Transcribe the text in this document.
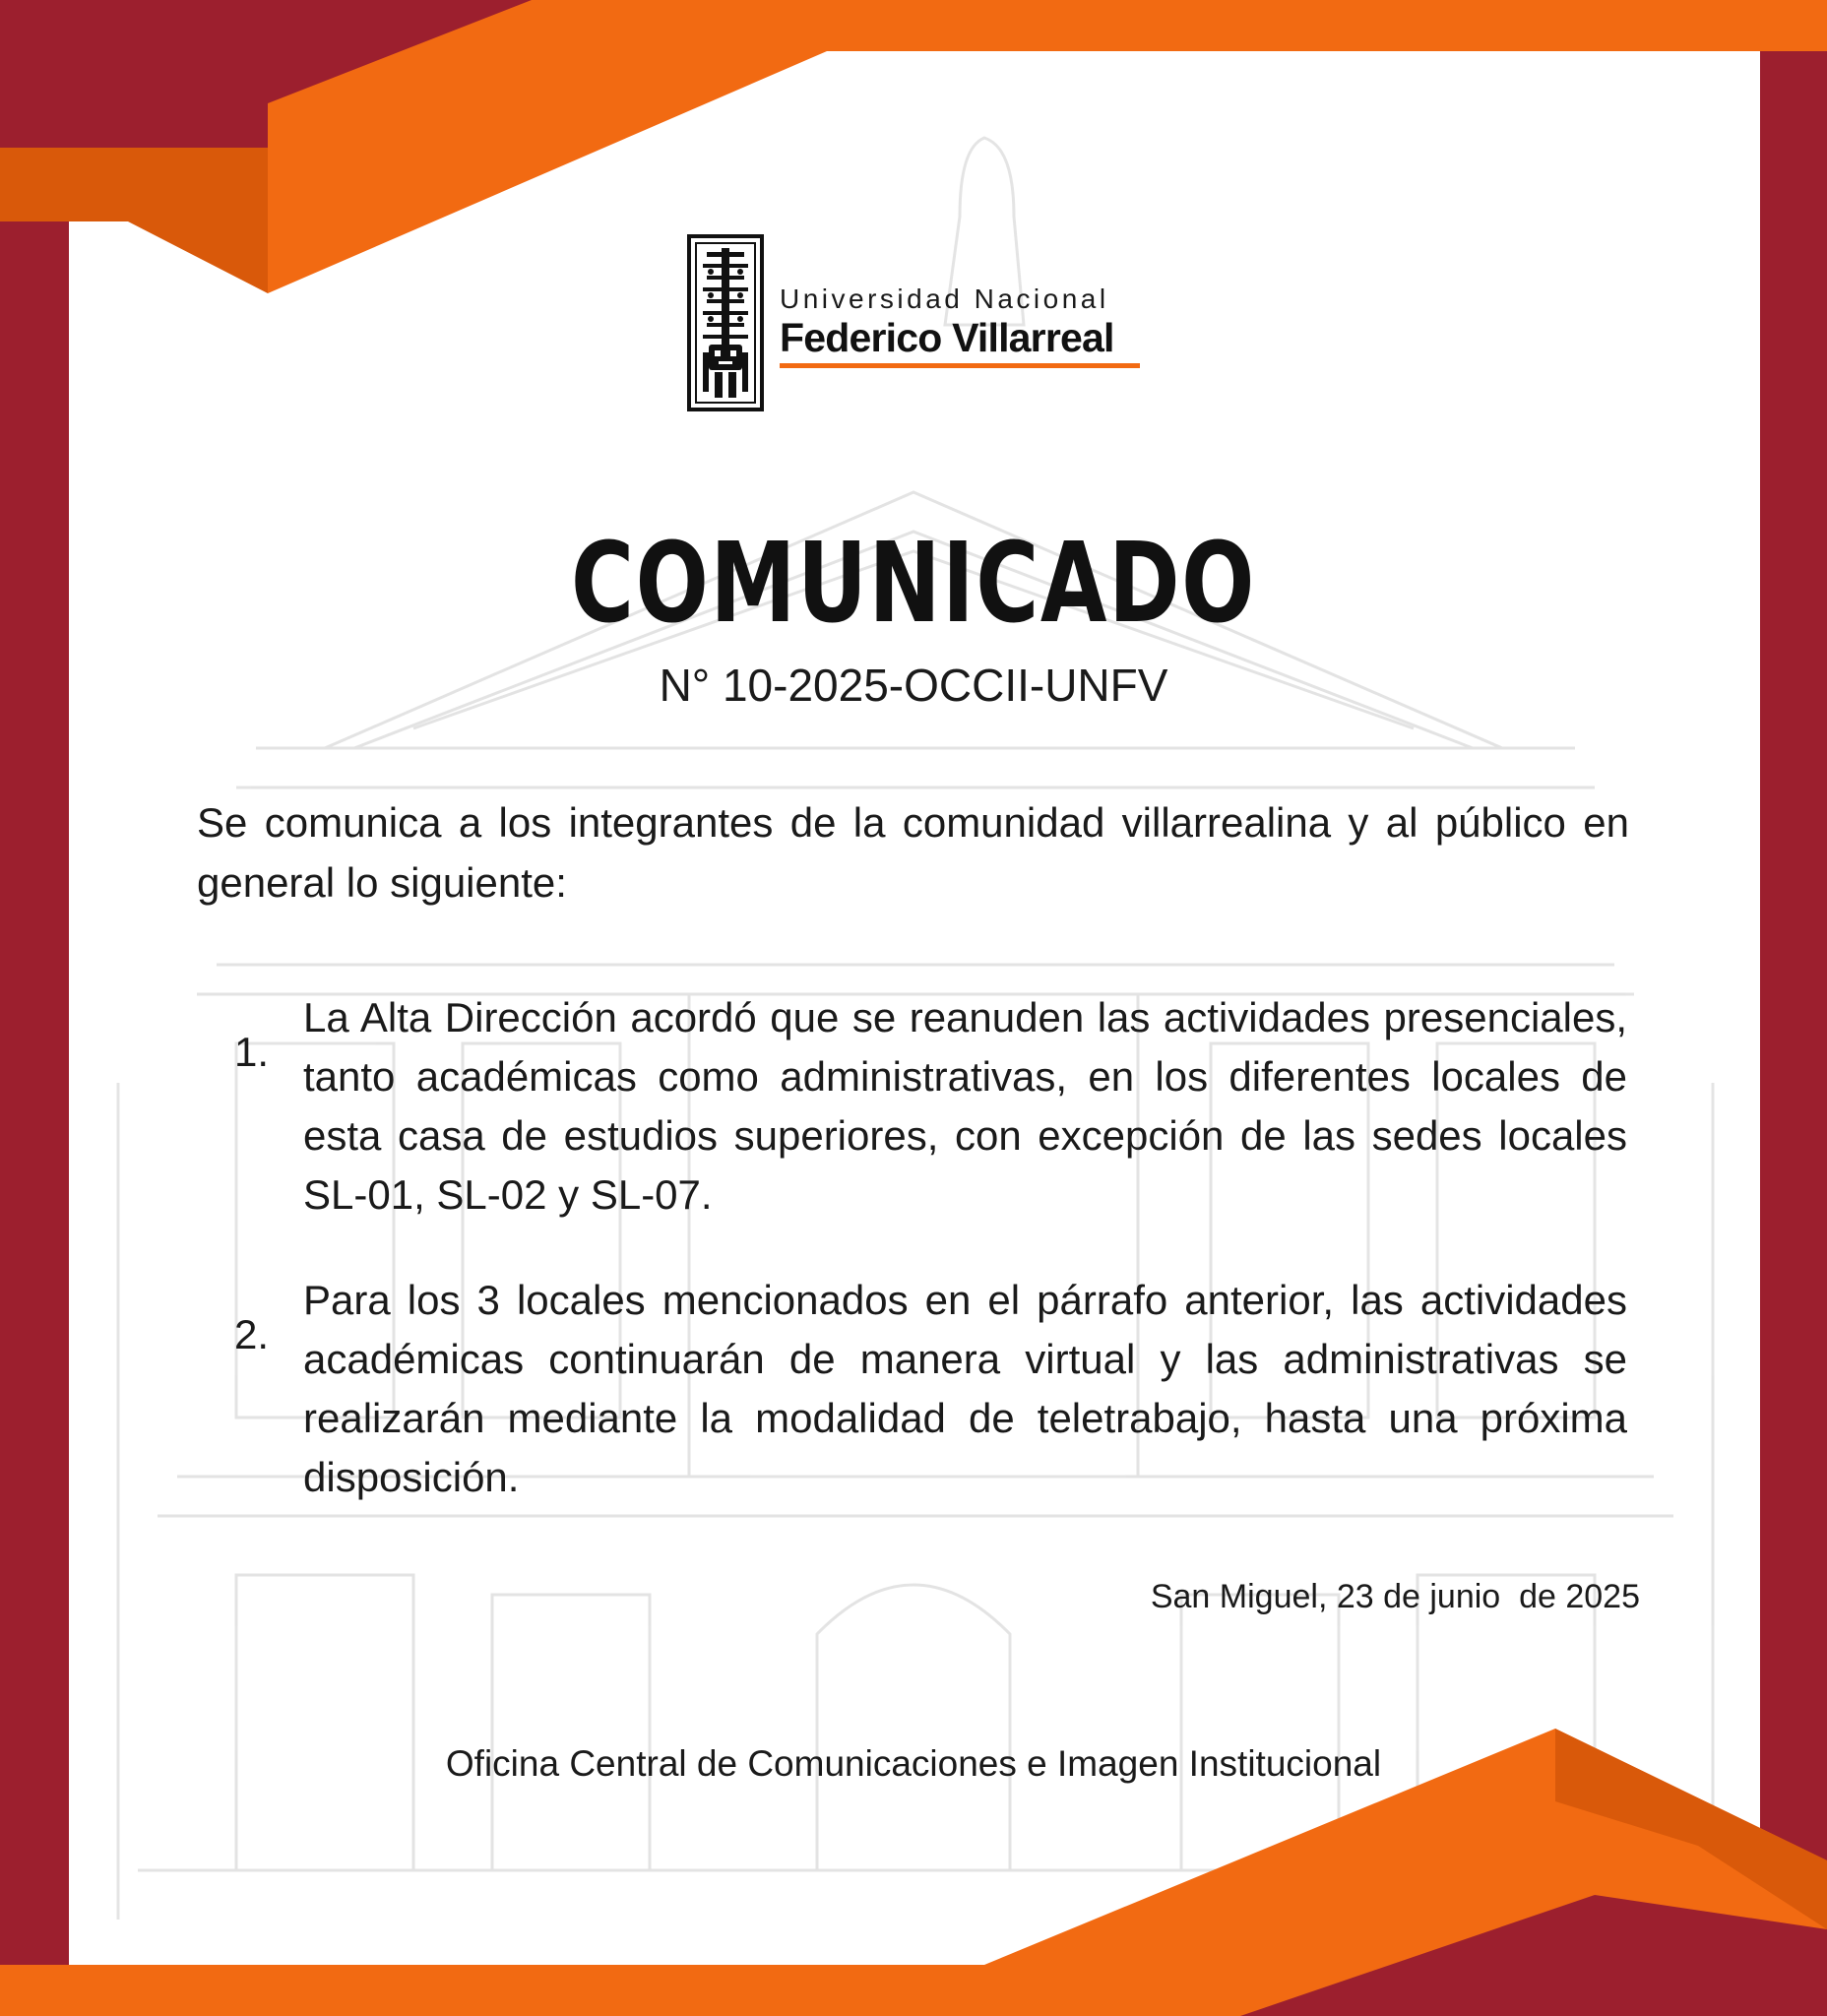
Universidad Nacional
Federico Villarreal
COMUNICADO
N° 10-2025-OCCII-UNFV
Se comunica a los integrantes de la comunidad villarrealina y al público en general lo siguiente:
1.
La Alta Dirección acordó que se reanuden las actividades presenciales, tanto académicas como administrativas, en los diferentes locales de esta casa de estudios superiores, con excepción de las sedes locales SL-01, SL-02 y SL-07.
2.
Para los 3 locales mencionados en el párrafo anterior, las actividades académicas continuarán de manera virtual y las administrativas se realizarán mediante la modalidad de teletrabajo, hasta una próxima disposición.
San Miguel, 23 de junio  de 2025
Oficina Central de Comunicaciones e Imagen Institucional
